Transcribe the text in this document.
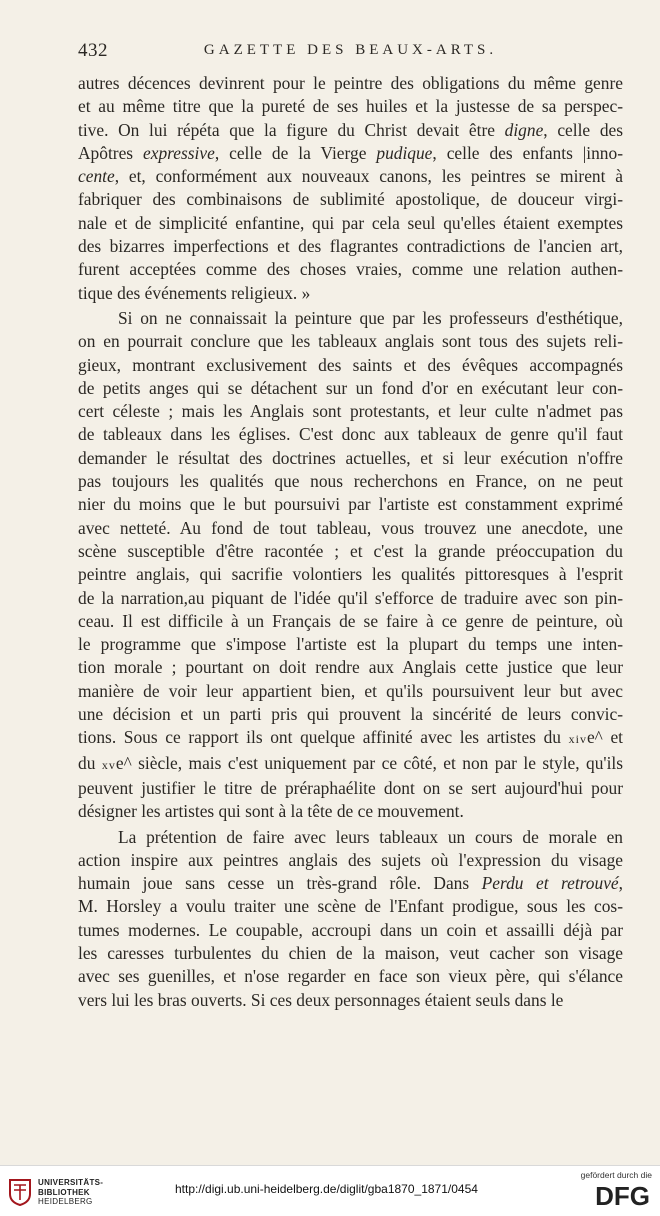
432	GAZETTE DES BEAUX-ARTS.
autres décences devinrent pour le peintre des obligations du même genre
et au même titre que la pureté de ses huiles et la justesse de sa perspec-
tive. On lui répéta que la figure du Christ devait être digne, celle des
Apôtres expressive, celle de la Vierge pudique, celle des enfants |inno-
cente, et, conformément aux nouveaux canons, les peintres se mirent à
fabriquer des combinaisons de sublimité apostolique, de douceur virgi-
nale et de simplicité enfantine, qui par cela seul qu'elles étaient exemptes
des bizarres imperfections et des flagrantes contradictions de l'ancien art,
furent acceptées comme des choses vraies, comme une relation authen-
tique des événements religieux. »
Si on ne connaissait la peinture que par les professeurs d'esthétique,
on en pourrait conclure que les tableaux anglais sont tous des sujets reli-
gieux, montrant exclusivement des saints et des évêques accompagnés
de petits anges qui se détachent sur un fond d'or en exécutant leur con-
cert céleste ; mais les Anglais sont protestants, et leur culte n'admet pas
de tableaux dans les églises. C'est donc aux tableaux de genre qu'il faut
demander le résultat des doctrines actuelles, et si leur exécution n'offre
pas toujours les qualités que nous recherchons en France, on ne peut
nier du moins que le but poursuivi par l'artiste est constamment exprimé
avec netteté. Au fond de tout tableau, vous trouvez une anecdote, une
scène susceptible d'être racontée ; et c'est la grande préoccupation du
peintre anglais, qui sacrifie volontiers les qualités pittoresques à l'esprit
de la narration,au piquant de l'idée qu'il s'efforce de traduire avec son pin-
ceau. Il est difficile à un Français de se faire à ce genre de peinture, où
le programme que s'impose l'artiste est la plupart du temps une inten-
tion morale ; pourtant on doit rendre aux Anglais cette justice que leur
manière de voir leur appartient bien, et qu'ils poursuivent leur but avec
une décision et un parti pris qui prouvent la sincérité de leurs convic-
tions. Sous ce rapport ils ont quelque affinité avec les artistes du xive^ et
du xve^ siècle, mais c'est uniquement par ce côté, et non par le style, qu'ils
peuvent justifier le titre de préraphaélite dont on se sert aujourd'hui pour
désigner les artistes qui sont à la tête de ce mouvement.
La prétention de faire avec leurs tableaux un cours de morale en
action inspire aux peintres anglais des sujets où l'expression du visage
humain joue sans cesse un très-grand rôle. Dans Perdu et retrouvé,
M. Horsley a voulu traiter une scène de l'Enfant prodigue, sous les cos-
tumes modernes. Le coupable, accroupi dans un coin et assailli déjà par
les caresses turbulentes du chien de la maison, veut cacher son visage
avec ses guenilles, et n'ose regarder en face son vieux père, qui s'élance
vers lui les bras ouverts. Si ces deux personnages étaient seuls dans le
UNIVERSITÄTS-
BIBLIOTHEK
HEIDELBERG
http://digi.ub.uni-heidelberg.de/diglit/gba1870_1871/0454
gefördert durch die
DFG
